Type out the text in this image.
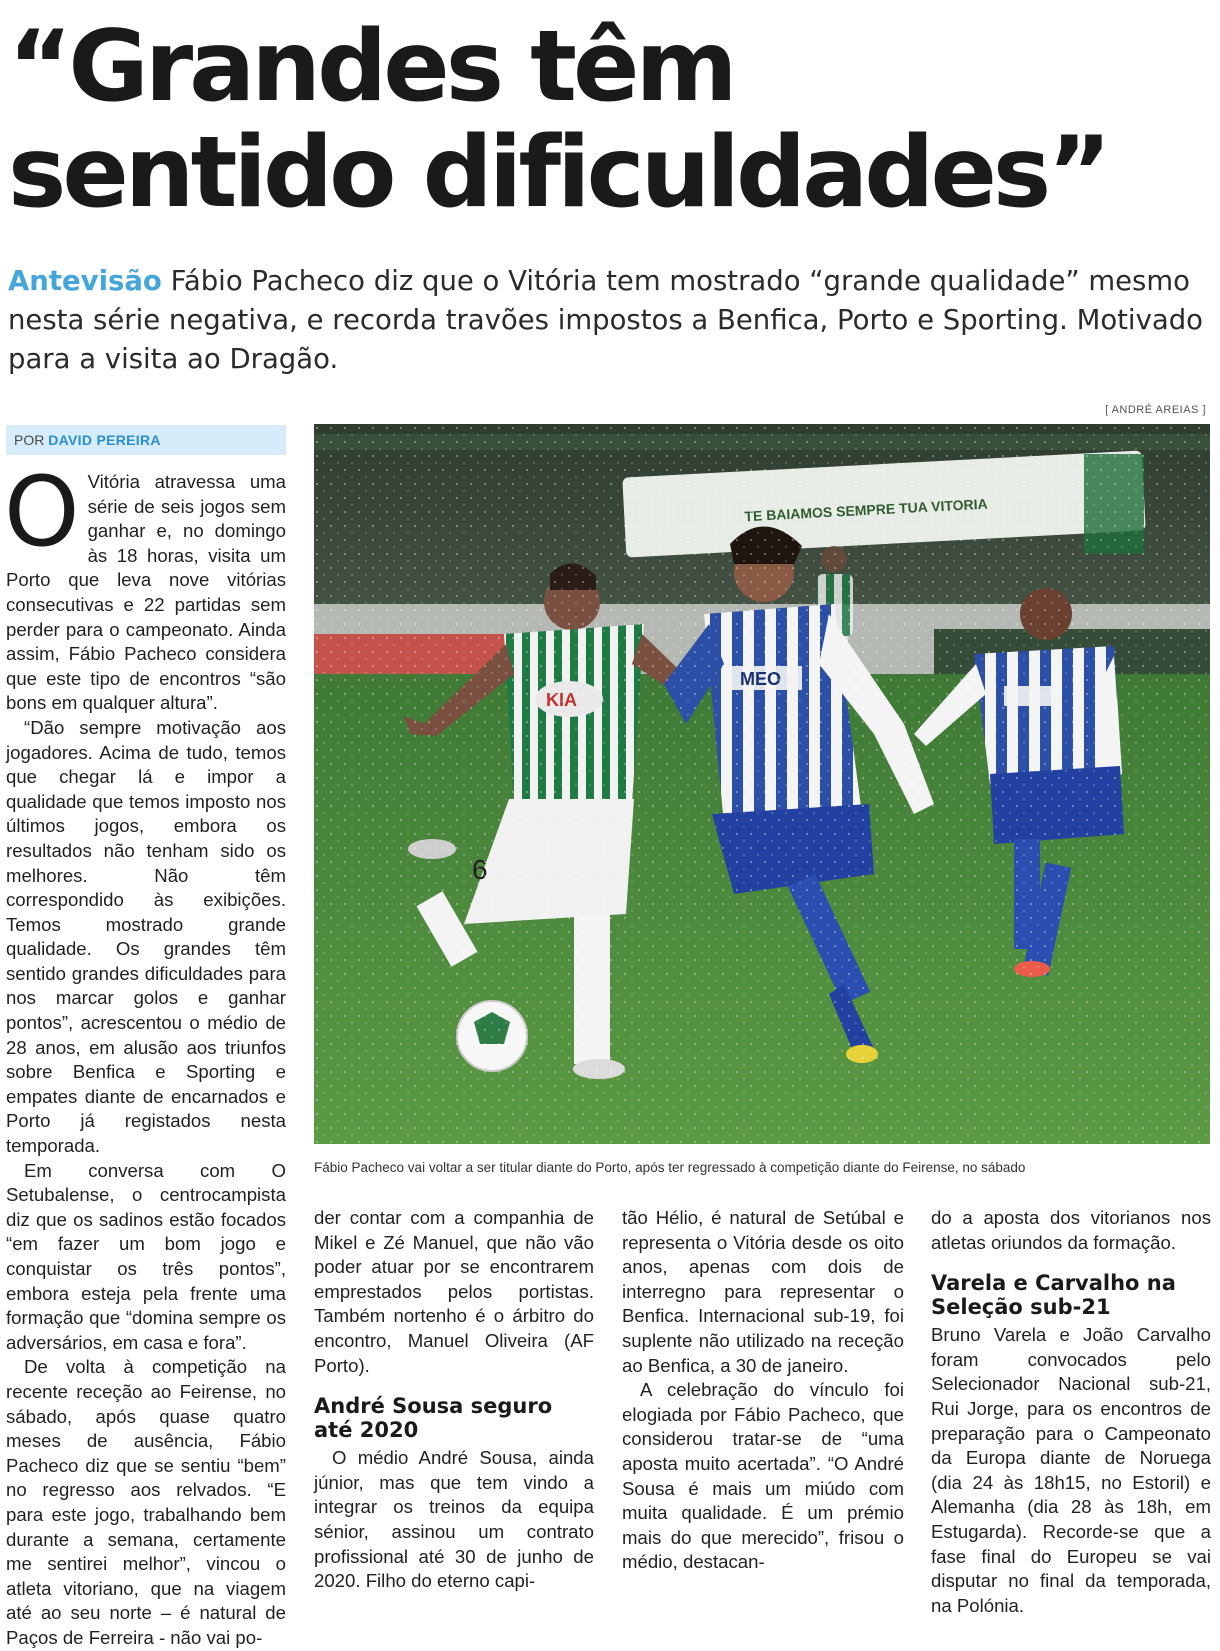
“Grandes têm
sentido dificuldades”

Antevisão Fábio Pacheco diz que o Vitória tem mostrado “grande qualidade” mesmo nesta série negativa, e recorda travões impostos a Benfica, Porto e Sporting. Motivado para a visita ao Dragão.

[ ANDRÉ AREIAS ]
POR DAVID PEREIRA
Fábio Pacheco vai voltar a ser titular diante do Porto, após ter regressado à competição diante do Feirense, no sábado

O Vitória atravessa uma série de seis jogos sem ganhar e, no domingo às 18 horas, visita um Porto que leva nove vitórias consecutivas e 22 partidas sem perder para o campeonato. Ainda assim, Fábio Pacheco considera que este tipo de encontros “são bons em qualquer altura”.

“Dão sempre motivação aos jogadores. Acima de tudo, temos que chegar lá e impor a qualidade que temos imposto nos últimos jogos, embora os resultados não tenham sido os melhores. Não têm correspondido às exibições. Temos mostrado grande qualidade. Os grandes têm sentido grandes dificuldades para nos marcar golos e ganhar pontos”, acrescentou o médio de 28 anos, em alusão aos triunfos sobre Benfica e Sporting e empates diante de encarnados e Porto já registados nesta temporada.

Em conversa com O Setubalense, o centrocampista diz que os sadinos estão focados “em fazer um bom jogo e conquistar os três pontos”, embora esteja pela frente uma formação que “domina sempre os adversários, em casa e fora”.

De volta à competição na recente receção ao Feirense, no sábado, após quase quatro meses de ausência, Fábio Pacheco diz que se sentiu “bem” no regresso aos relvados. “E para este jogo, trabalhando bem durante a semana, certamente me sentirei melhor”, vincou o atleta vitoriano, que na viagem até ao seu norte – é natural de Paços de Ferreira - não vai po-

der contar com a companhia de Mikel e Zé Manuel, que não vão poder atuar por se encontrarem emprestados pelos portistas. Também nortenho é o árbitro do encontro, Manuel Oliveira (AF Porto).

André Sousa seguro até 2020

O médio André Sousa, ainda júnior, mas que tem vindo a integrar os treinos da equipa sénior, assinou um contrato profissional até 30 de junho de 2020. Filho do eterno capi-

tão Hélio, é natural de Setúbal e representa o Vitória desde os oito anos, apenas com dois de interregno para representar o Benfica. Internacional sub-19, foi suplente não utilizado na receção ao Benfica, a 30 de janeiro.

A celebração do vínculo foi elogiada por Fábio Pacheco, que considerou tratar-se de “uma aposta muito acertada”. “O André Sousa é mais um miúdo com muita qualidade. É um prémio mais do que merecido”, frisou o médio, destacan-

do a aposta dos vitorianos nos atletas oriundos da formação.

Varela e Carvalho na Seleção sub-21

Bruno Varela e João Carvalho foram convocados pelo Selecionador Nacional sub-21, Rui Jorge, para os encontros de preparação para o Campeonato da Europa diante de Noruega (dia 24 às 18h15, no Estoril) e Alemanha (dia 28 às 18h, em Estugarda). Recorde-se que a fase final do Europeu se vai disputar no final da temporada, na Polónia.
